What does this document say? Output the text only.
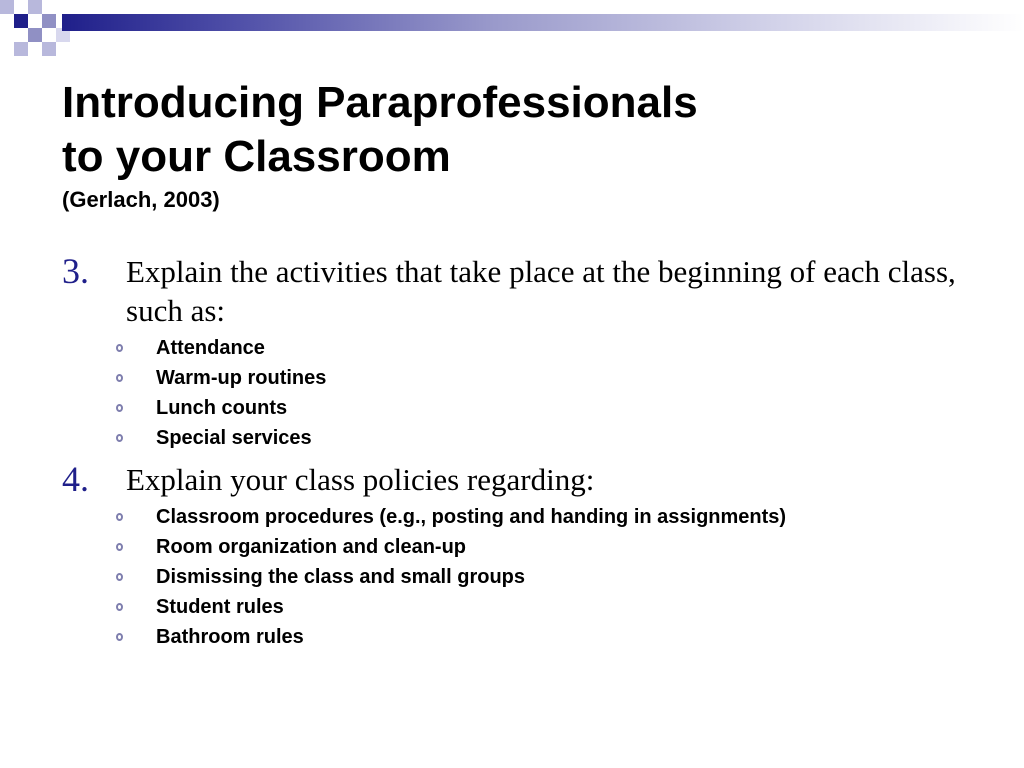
Introducing Paraprofessionals
to your Classroom
(Gerlach, 2003)
3. Explain the activities that take place at the beginning of each class, such as:
Attendance
Warm-up routines
Lunch counts
Special services
4. Explain your class policies regarding:
Classroom procedures (e.g., posting and handing in assignments)
Room organization and clean-up
Dismissing the class and small groups
Student rules
Bathroom rules
